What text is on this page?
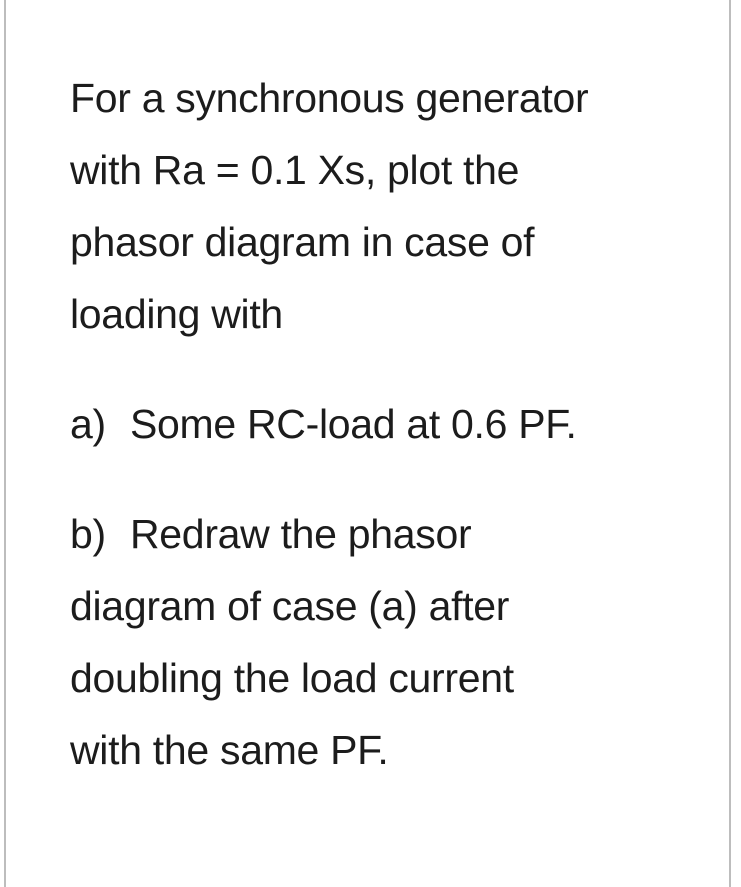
For a synchronous generator

with Ra = 0.1 Xs, plot the

phasor diagram in case of

loading with

a) Some RC-load at 0.6 PF.
b) Redraw the phasor
diagram of case (a) after
doubling the load current
with the same PF.
